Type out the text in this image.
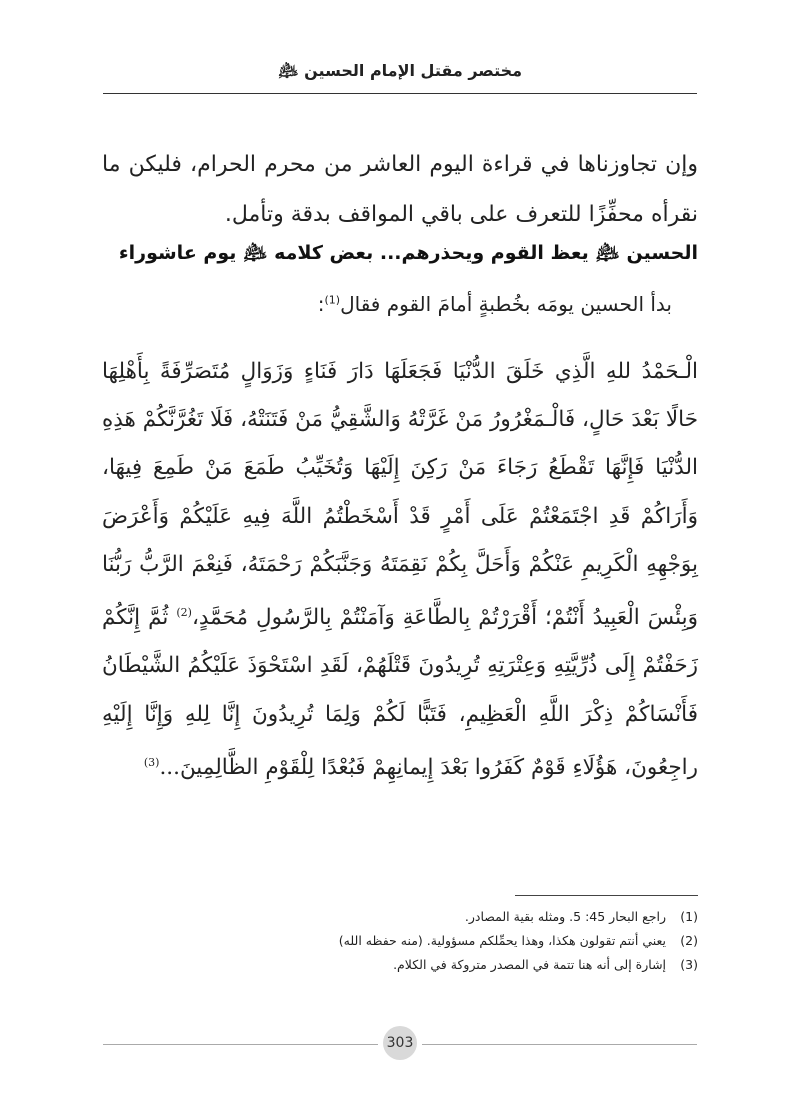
مختصر مقتل الإمام الحسين ﵇
وإن تجاوزناها في قراءة اليوم العاشر من محرم الحرام، فليكن ما نقرأه محفِّزًا للتعرف على باقي المواقف بدقة وتأمل.
الحسين ﵇ يعظ القوم ويحذرهم... بعض كلامه ﵇ يوم عاشوراء
بدأ الحسين يومَه بخُطبةٍ أمامَ القوم فقال$^{(1)}$:
الْـحَمْدُ للهِ الَّذِي خَلَقَ الدُّنْيَا فَجَعَلَهَا دَارَ فَنَاءٍ وَزَوَالٍ مُتَصَرِّفَةً بِأَهْلِهَا حَالًا بَعْدَ حَالٍ، فَالْـمَغْرُورُ مَنْ غَرَّتْهُ وَالشَّقِيُّ مَنْ فَتَنَتْهُ، فَلَا تَغُرَّنَّكُمْ هَذِهِ الدُّنْيَا فَإِنَّهَا تَقْطَعُ رَجَاءَ مَنْ رَكِنَ إِلَيْهَا وَتُخَيِّبُ طَمَعَ مَنْ طَمِعَ فِيهَا، وَأَرَاكُمْ قَدِ اجْتَمَعْتُمْ عَلَى أَمْرٍ قَدْ أَسْخَطْتُمُ اللَّهَ فِيهِ عَلَيْكُمْ وَأَعْرَضَ بِوَجْهِهِ الْكَرِيمِ عَنْكُمْ وَأَحَلَّ بِكُمْ نَقِمَتَهُ وَجَنَّبَكُمْ رَحْمَتَهُ، فَنِعْمَ الرَّبُّ رَبُّنَا وَبِئْسَ الْعَبِيدُ أَنْتُمْ؛ أَقْرَرْتُمْ بِالطَّاعَةِ وَآمَنْتُمْ بِالرَّسُولِ مُحَمَّدٍ،$^{(2)}$ ثُمَّ إِنَّكُمْ زَحَفْتُمْ إِلَى ذُرِّيَّتِهِ وَعِتْرَتِهِ تُرِيدُونَ قَتْلَهُمْ، لَقَدِ اسْتَحْوَذَ عَلَيْكُمُ الشَّيْطَانُ فَأَنْسَاكُمْ ذِكْرَ اللَّهِ الْعَظِيمِ، فَتَبًّا لَكُمْ وَلِمَا تُرِيدُونَ إِنَّا لِلهِ وَإِنَّا إِلَيْهِ راجِعُونَ، هَؤُلَاءِ قَوْمٌ كَفَرُوا بَعْدَ إِيمانِهِمْ فَبُعْدًا لِلْقَوْمِ الظَّالِمِينَ...$^{(3)}$
(1) راجع البحار 45: 5. ومثله بقية المصادر.
(2) يعني أنتم تقولون هكذا، وهذا يحمِّلكم مسؤولية. (منه حفظه الله)
(3) إشارة إلى أنه هنا تتمة في المصدر متروكة في الكلام.
303
